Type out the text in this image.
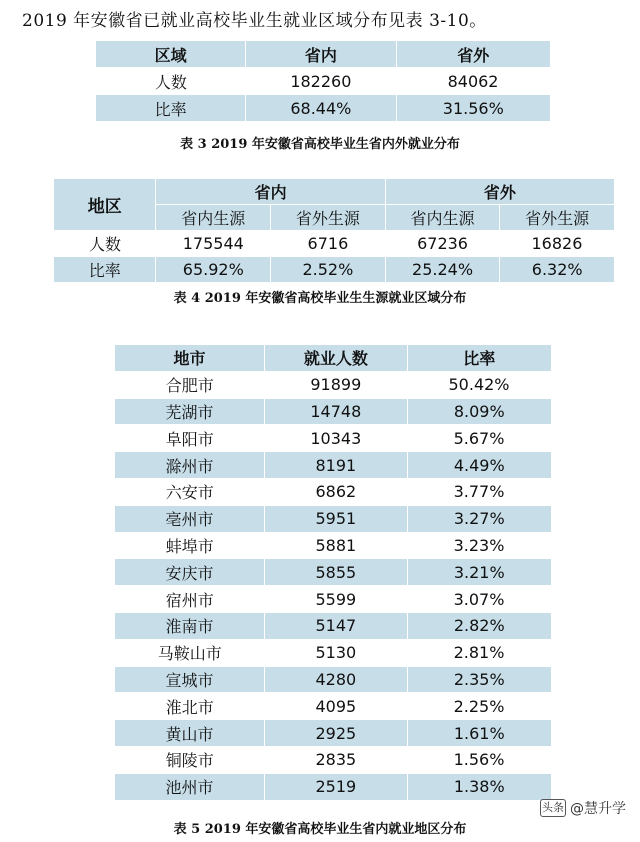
2019 年安徽省已就业高校毕业生就业区域分布见表 3-10。
区域	省内	省外
人数	182260	84062
比率	68.44%	31.56%
表 3 2019 年安徽省高校毕业生省内外就业分布
地区	省内		省外	
	省内生源	省外生源	省内生源	省外生源
人数	175544	6716	67236	16826
比率	65.92%	2.52%	25.24%	6.32%
表 4 2019 年安徽省高校毕业生生源就业区域分布
地市	就业人数	比率
合肥市	91899	50.42%
芜湖市	14748	8.09%
阜阳市	10343	5.67%
滁州市	8191	4.49%
六安市	6862	3.77%
亳州市	5951	3.27%
蚌埠市	5881	3.23%
安庆市	5855	3.21%
宿州市	5599	3.07%
淮南市	5147	2.82%
马鞍山市	5130	2.81%
宣城市	4280	2.35%
淮北市	4095	2.25%
黄山市	2925	1.61%
铜陵市	2835	1.56%
池州市	2519	1.38%
表 5 2019 年安徽省高校毕业生省内就业地区分布
头条 @慧升学
